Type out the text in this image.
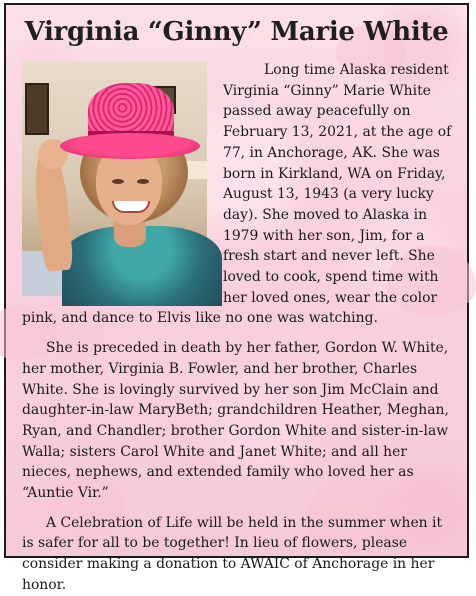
Virginia “Ginny” Marie White

Long time Alaska resident Virginia “Ginny” Marie White passed away peacefully on February 13, 2021, at the age of 77, in Anchorage, AK. She was born in Kirkland, WA on Friday, August 13, 1943 (a very lucky day). She moved to Alaska in 1979 with her son, Jim, for a fresh start and never left. She loved to cook, spend time with her loved ones, wear the color pink, and dance to Elvis like no one was watching.

She is preceded in death by her father, Gordon W. White, her mother, Virginia B. Fowler, and her brother, Charles White. She is lovingly survived by her son Jim McClain and daughter-in-law MaryBeth; grandchildren Heather, Meghan, Ryan, and Chandler; brother Gordon White and sister-in-law Walla; sisters Carol White and Janet White; and all her nieces, nephews, and extended family who loved her as “Auntie Vir.”

A Celebration of Life will be held in the summer when it is safer for all to be together! In lieu of flowers, please consider making a donation to AWAIC of Anchorage in her honor.
